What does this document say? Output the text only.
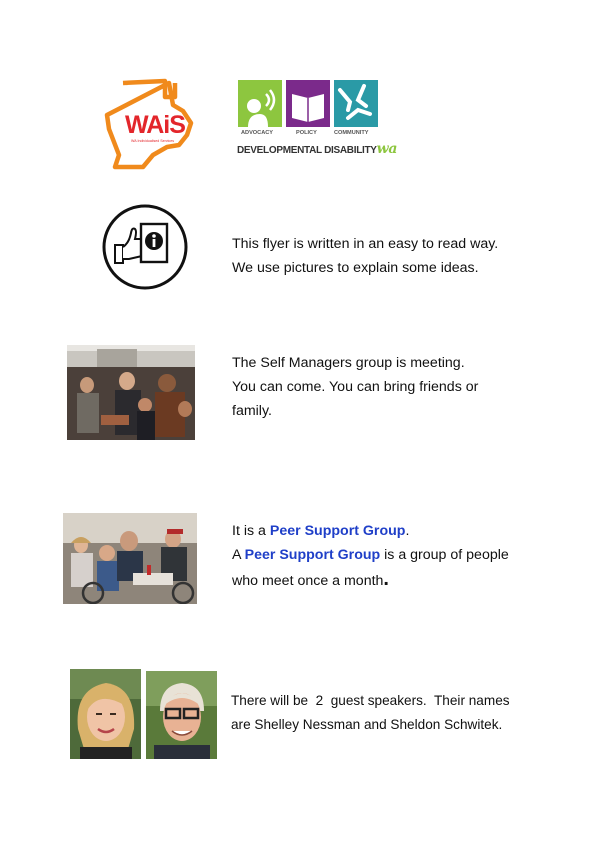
WAiS
WA Individualised Services
ADVOCACY	POLICY	COMMUNITY
DEVELOPMENTAL DISABILITYwa

This flyer is written in an easy to read way.

We use pictures to explain some ideas.

The Self Managers group is meeting.

You can come. You can bring friends or

family.

It is a Peer Support Group.

A Peer Support Group is a group of people

who meet once a month.

There will be  2  guest speakers.  Their names

are Shelley Nessman and Sheldon Schwitek.
